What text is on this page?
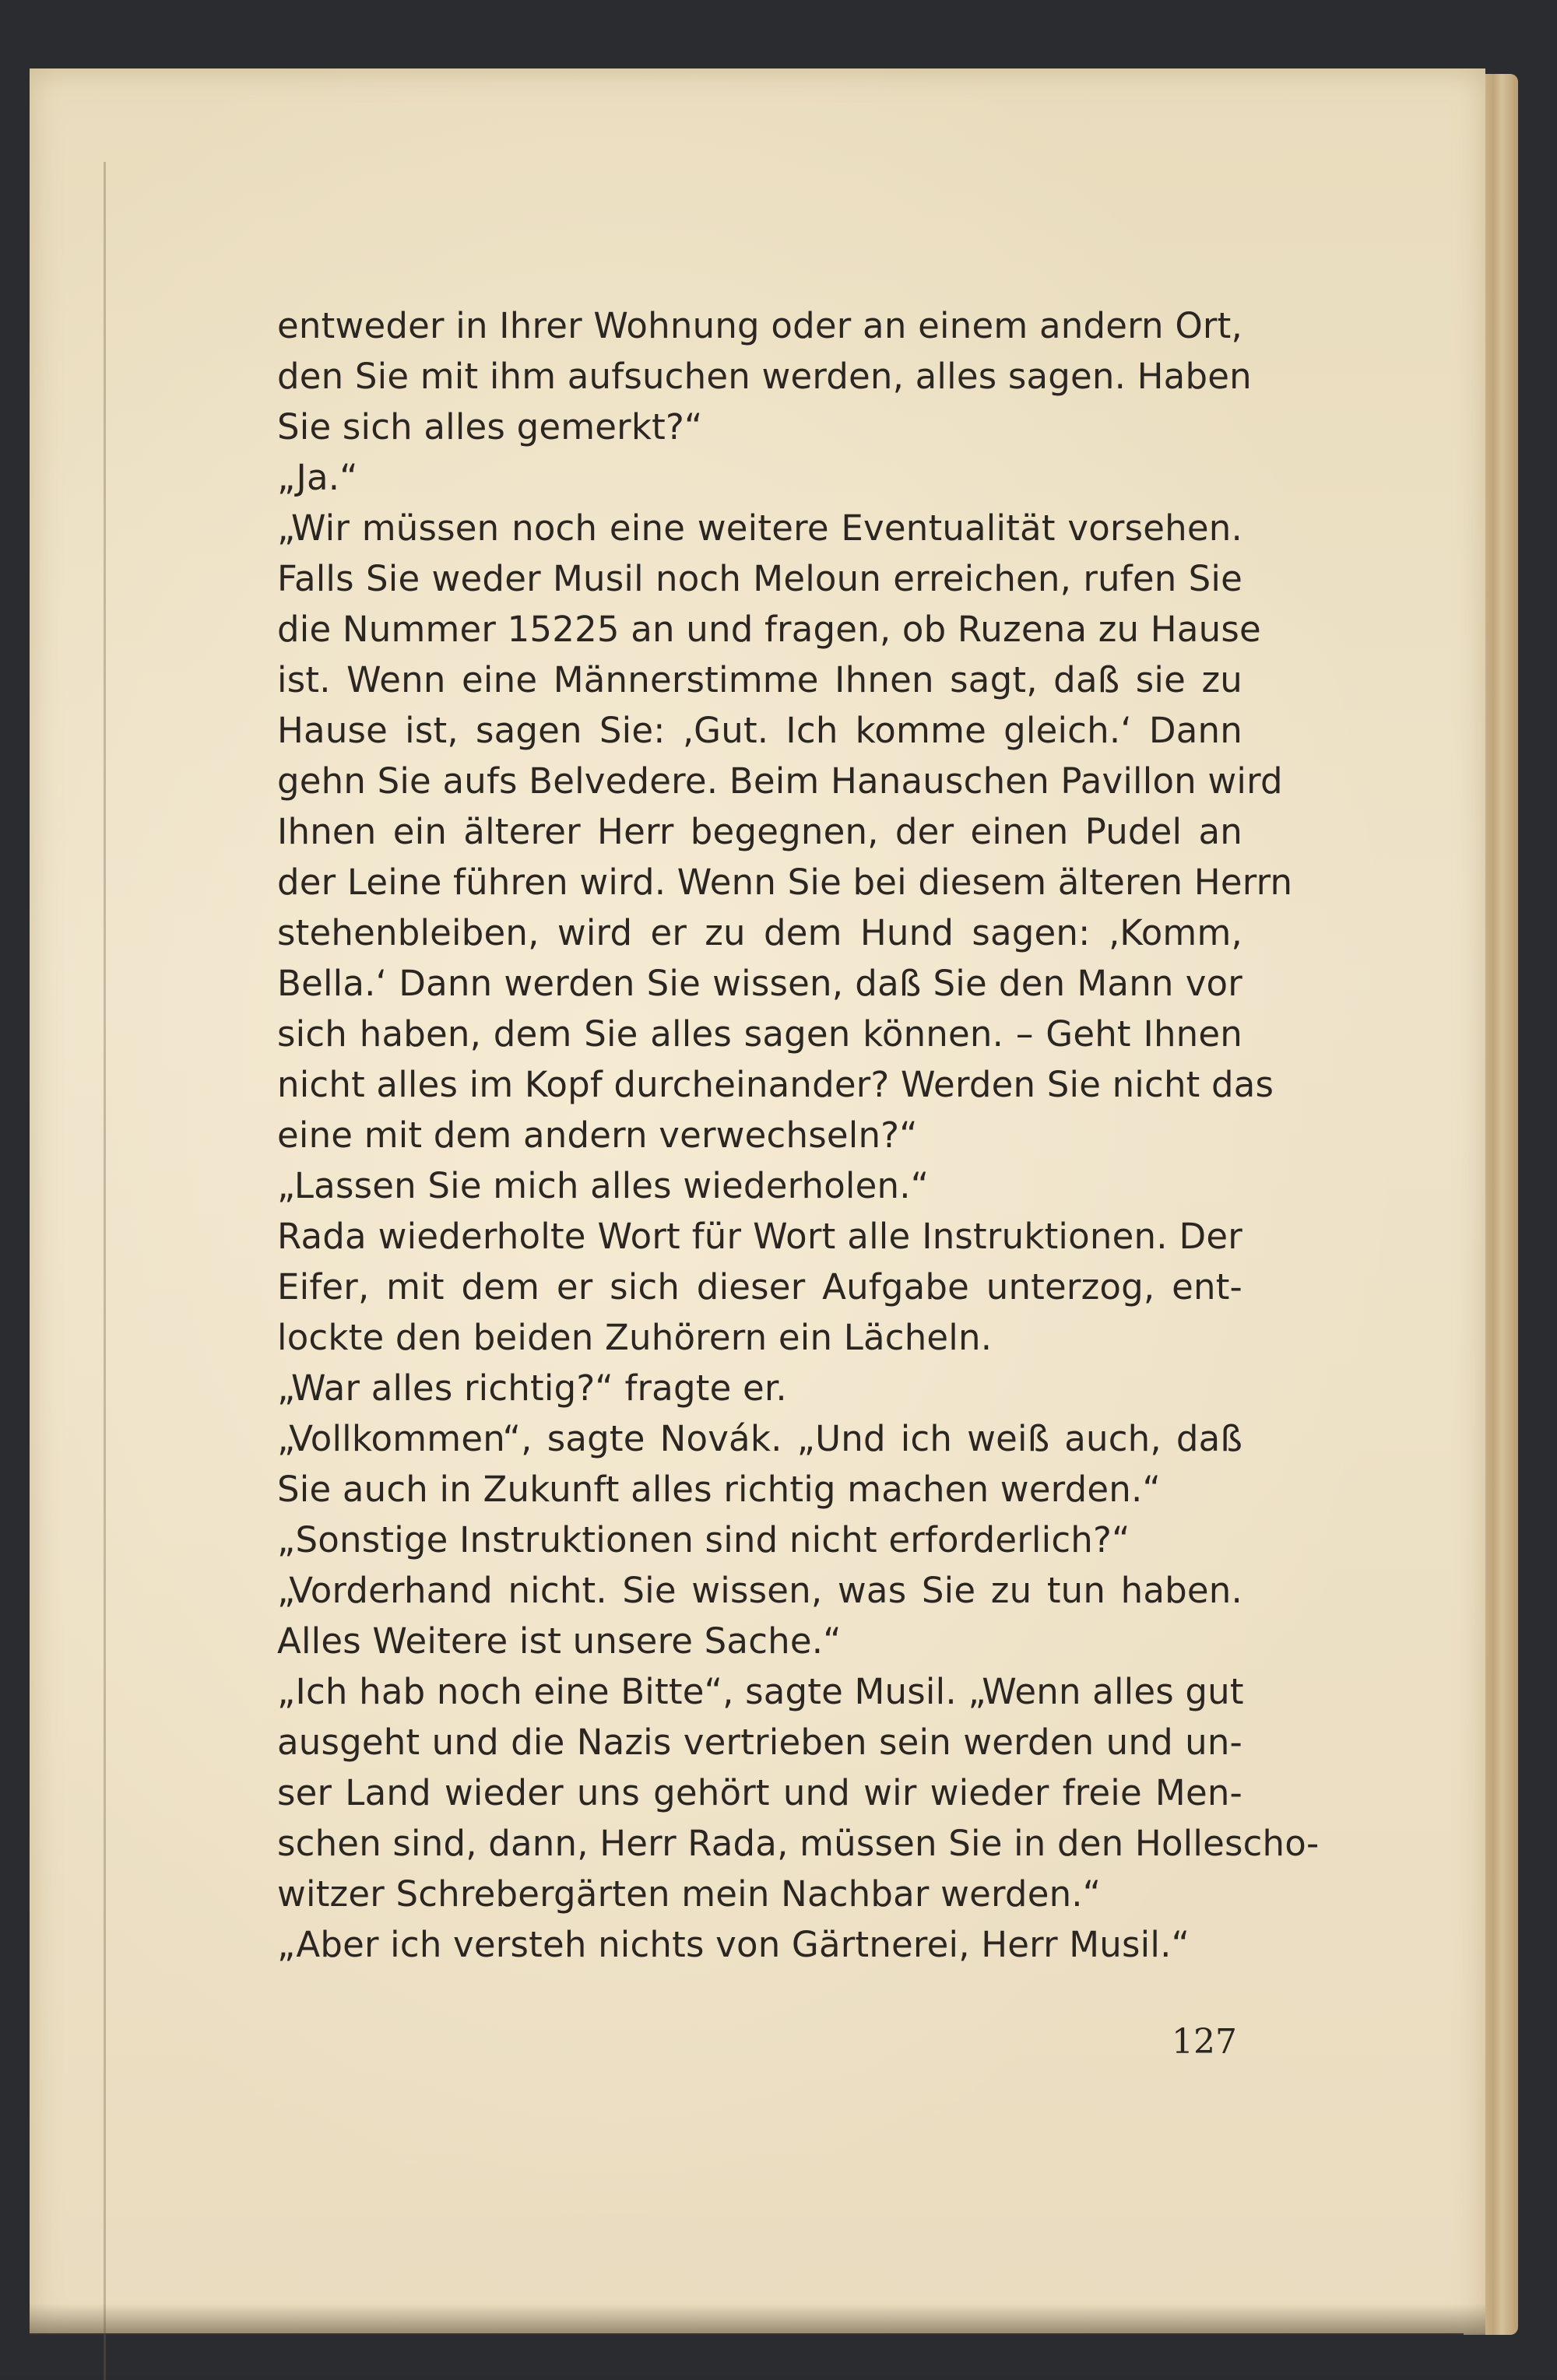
entweder in Ihrer Wohnung oder an einem andern Ort,
den Sie mit ihm aufsuchen werden, alles sagen. Haben
Sie sich alles gemerkt?“
„Ja.“
„Wir müssen noch eine weitere Eventualität vorsehen.
Falls Sie weder Musil noch Meloun erreichen, rufen Sie
die Nummer 15225 an und fragen, ob Ruzena zu Hause
ist. Wenn eine Männerstimme Ihnen sagt, daß sie zu
Hause ist, sagen Sie: ‚Gut. Ich komme gleich.‘ Dann
gehn Sie aufs Belvedere. Beim Hanauschen Pavillon wird
Ihnen ein älterer Herr begegnen, der einen Pudel an
der Leine führen wird. Wenn Sie bei diesem älteren Herrn
stehenbleiben, wird er zu dem Hund sagen: ‚Komm,
Bella.‘ Dann werden Sie wissen, daß Sie den Mann vor
sich haben, dem Sie alles sagen können. – Geht Ihnen
nicht alles im Kopf durcheinander? Werden Sie nicht das
eine mit dem andern verwechseln?“
„Lassen Sie mich alles wiederholen.“
Rada wiederholte Wort für Wort alle Instruktionen. Der
Eifer, mit dem er sich dieser Aufgabe unterzog, ent-
lockte den beiden Zuhörern ein Lächeln.
„War alles richtig?“ fragte er.
„Vollkommen“, sagte Novák. „Und ich weiß auch, daß
Sie auch in Zukunft alles richtig machen werden.“
„Sonstige Instruktionen sind nicht erforderlich?“
„Vorderhand nicht. Sie wissen, was Sie zu tun haben.
Alles Weitere ist unsere Sache.“
„Ich hab noch eine Bitte“, sagte Musil. „Wenn alles gut
ausgeht und die Nazis vertrieben sein werden und un-
ser Land wieder uns gehört und wir wieder freie Men-
schen sind, dann, Herr Rada, müssen Sie in den Holleschо-
witzer Schrebergärten mein Nachbar werden.“
„Aber ich versteh nichts von Gärtnerei, Herr Musil.“
127
